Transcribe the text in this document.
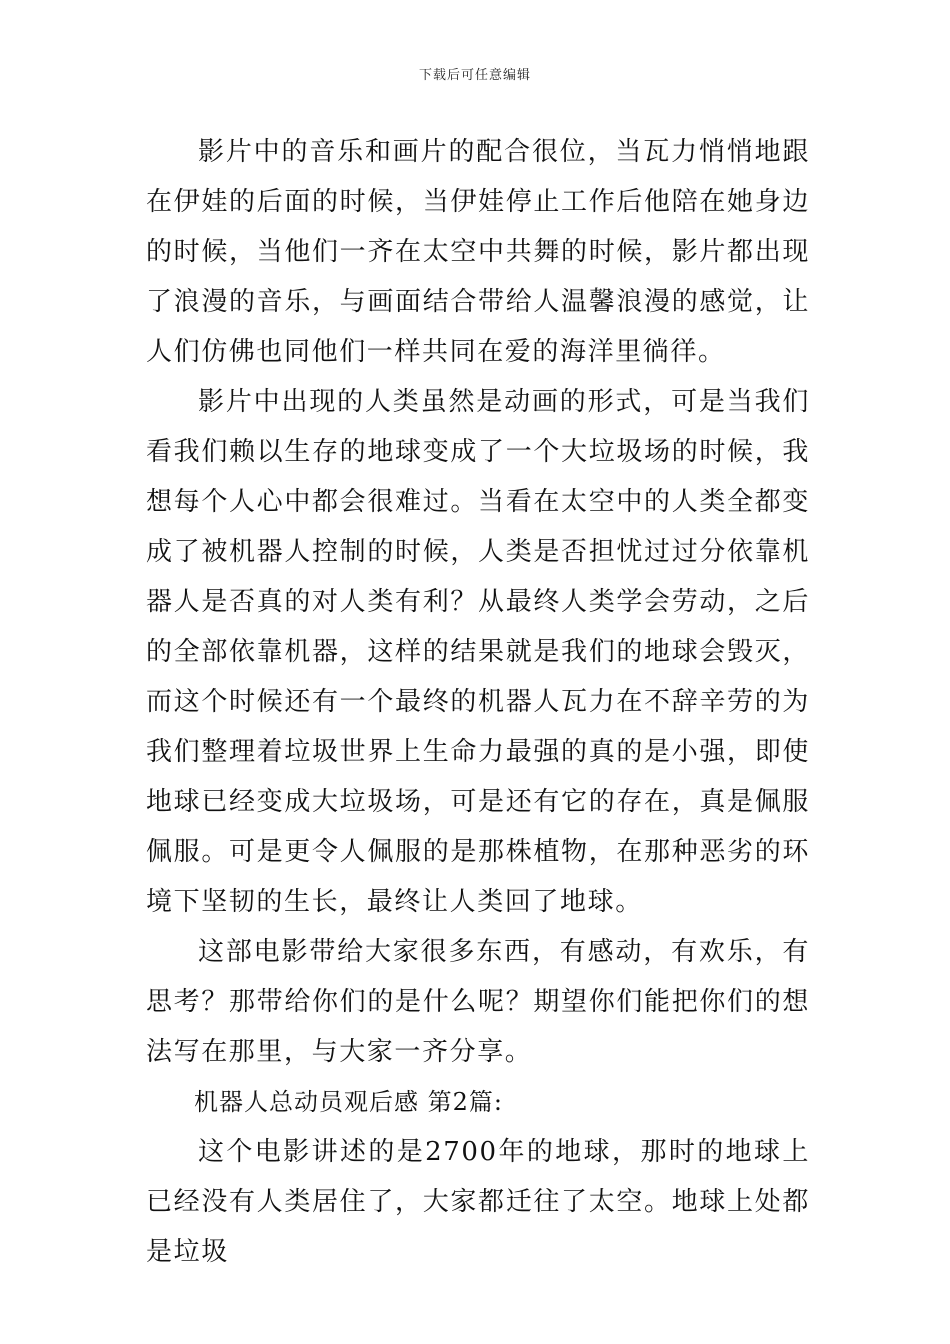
下载后可任意编辑

影片中的音乐和画片的配合很位，当瓦力悄悄地跟在伊娃的后面的时候，当伊娃停止工作后他陪在她身边的时候，当他们一齐在太空中共舞的时候，影片都出现了浪漫的音乐，与画面结合带给人温馨浪漫的感觉，让人们仿佛也同他们一样共同在爱的海洋里徜徉。

影片中出现的人类虽然是动画的形式，可是当我们看我们赖以生存的地球变成了一个大垃圾场的时候，我想每个人心中都会很难过。当看在太空中的人类全都变成了被机器人控制的时候，人类是否担忧过过分依靠机器人是否真的对人类有利？从最终人类学会劳动，之后的全部依靠机器，这样的结果就是我们的地球会毁灭，而这个时候还有一个最终的机器人瓦力在不辞辛劳的为我们整理着垃圾世界上生命力最强的真的是小强，即使地球已经变成大垃圾场，可是还有它的存在，真是佩服佩服。可是更令人佩服的是那株植物，在那种恶劣的环境下坚韧的生长，最终让人类回了地球。

这部电影带给大家很多东西，有感动，有欢乐，有思考？那带给你们的是什么呢？期望你们能把你们的想法写在那里，与大家一齐分享。

机器人总动员观后感 第2篇:

这个电影讲述的是2700年的地球，那时的地球上已经没有人类居住了，大家都迁往了太空。地球上处都是垃圾
